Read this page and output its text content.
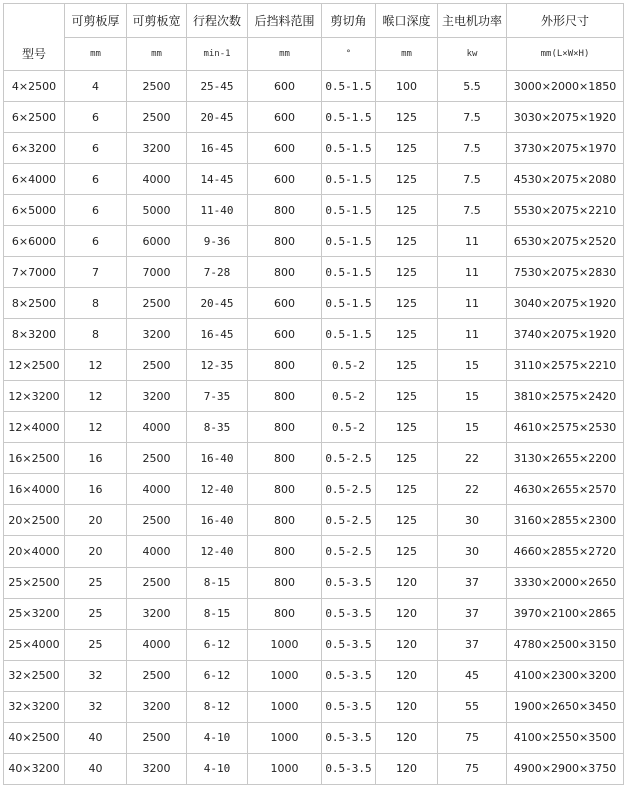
型号	可剪板厚	可剪板宽	行程次数	后挡料范围	剪切角	喉口深度	主电机功率	外形尺寸
	mm	mm	min-1	mm	°	mm	kw	mm(L×W×H)
4×2500	4	2500	25-45	600	0.5-1.5	100	5.5	3000×2000×1850
6×2500	6	2500	20-45	600	0.5-1.5	125	7.5	3030×2075×1920
6×3200	6	3200	16-45	600	0.5-1.5	125	7.5	3730×2075×1970
6×4000	6	4000	14-45	600	0.5-1.5	125	7.5	4530×2075×2080
6×5000	6	5000	11-40	800	0.5-1.5	125	7.5	5530×2075×2210
6×6000	6	6000	9-36	800	0.5-1.5	125	11	6530×2075×2520
7×7000	7	7000	7-28	800	0.5-1.5	125	11	7530×2075×2830
8×2500	8	2500	20-45	600	0.5-1.5	125	11	3040×2075×1920
8×3200	8	3200	16-45	600	0.5-1.5	125	11	3740×2075×1920
12×2500	12	2500	12-35	800	0.5-2	125	15	3110×2575×2210
12×3200	12	3200	7-35	800	0.5-2	125	15	3810×2575×2420
12×4000	12	4000	8-35	800	0.5-2	125	15	4610×2575×2530
16×2500	16	2500	16-40	800	0.5-2.5	125	22	3130×2655×2200
16×4000	16	4000	12-40	800	0.5-2.5	125	22	4630×2655×2570
20×2500	20	2500	16-40	800	0.5-2.5	125	30	3160×2855×2300
20×4000	20	4000	12-40	800	0.5-2.5	125	30	4660×2855×2720
25×2500	25	2500	8-15	800	0.5-3.5	120	37	3330×2000×2650
25×3200	25	3200	8-15	800	0.5-3.5	120	37	3970×2100×2865
25×4000	25	4000	6-12	1000	0.5-3.5	120	37	4780×2500×3150
32×2500	32	2500	6-12	1000	0.5-3.5	120	45	4100×2300×3200
32×3200	32	3200	8-12	1000	0.5-3.5	120	55	1900×2650×3450
40×2500	40	2500	4-10	1000	0.5-3.5	120	75	4100×2550×3500
40×3200	40	3200	4-10	1000	0.5-3.5	120	75	4900×2900×3750
